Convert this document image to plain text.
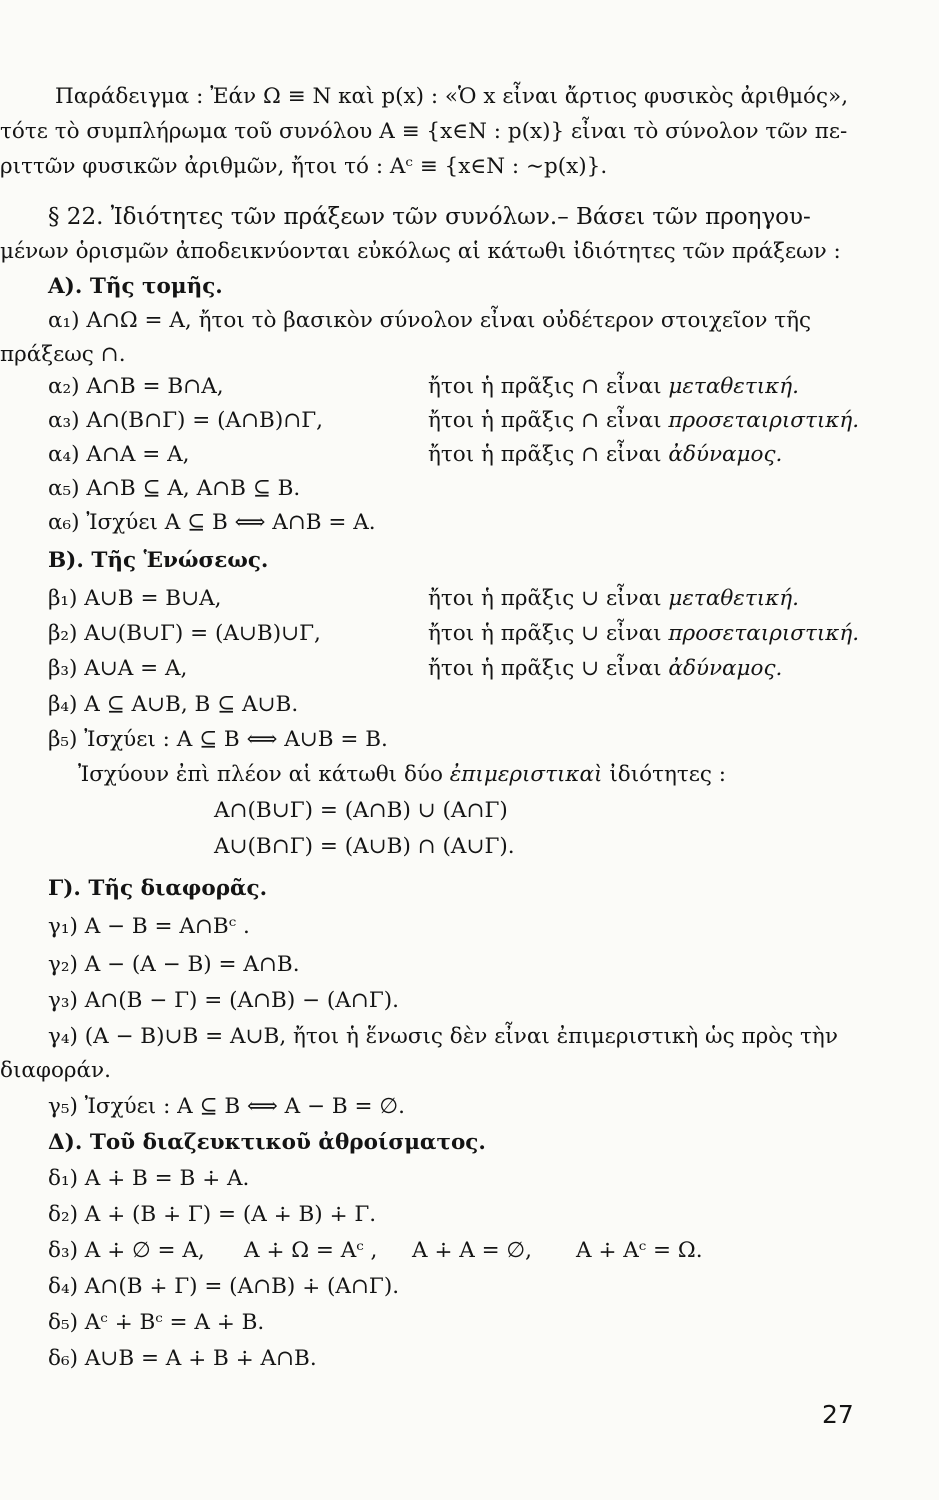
Παράδειγμα : Ἐάν Ω ≡ N καὶ p(x) : «Ὁ x εἶναι ἄρτιος φυσικὸς ἀριθμός»,
τότε τὸ συμπλήρωμα τοῦ συνόλου A ≡ {x∈N : p(x)} εἶναι τὸ σύνολον τῶν πε-
ριττῶν φυσικῶν ἀριθμῶν, ἤτοι τό : Aᶜ ≡ {x∈N : ∼p(x)}.
§ 22. Ἰδιότητες τῶν πράξεων τῶν συνόλων.– Βάσει τῶν προηγου-
μένων ὁρισμῶν ἀποδεικνύονται εὐκόλως αἱ κάτωθι ἰδιότητες τῶν πράξεων :
Α). Τῆς τομῆς.
α₁) A∩Ω = A, ἤτοι τὸ βασικὸν σύνολον εἶναι οὐδέτερον στοιχεῖον τῆς
πράξεως ∩.
α₂) A∩B = B∩A,	ἤτοι ἡ πρᾶξις ∩ εἶναι μεταθετική.
α₃) A∩(B∩Γ) = (A∩B)∩Γ,	ἤτοι ἡ πρᾶξις ∩ εἶναι προσεταιριστική.
α₄) A∩A = A,	ἤτοι ἡ πρᾶξις ∩ εἶναι ἀδύναμος.
α₅) A∩B ⊆ A, A∩B ⊆ B.
α₆) Ἰσχύει A ⊆ B ⟺ A∩B = A.
Β). Τῆς Ἑνώσεως.
β₁) A∪B = B∪A,	ἤτοι ἡ πρᾶξις ∪ εἶναι μεταθετική.
β₂) A∪(B∪Γ) = (A∪B)∪Γ,	ἤτοι ἡ πρᾶξις ∪ εἶναι προσεταιριστική.
β₃) A∪A = A,	ἤτοι ἡ πρᾶξις ∪ εἶναι ἀδύναμος.
β₄) A ⊆ A∪B, B ⊆ A∪B.
β₅) Ἰσχύει : A ⊆ B ⟺ A∪B = B.
Ἰσχύουν ἐπὶ πλέον αἱ κάτωθι δύο ἐπιμεριστικαὶ ἰδιότητες :
A∩(B∪Γ) = (A∩B) ∪ (A∩Γ)
A∪(B∩Γ) = (A∪B) ∩ (A∪Γ).
Γ). Τῆς διαφορᾶς.
γ₁) A − B = A∩Bᶜ .
γ₂) A − (A − B) = A∩B.
γ₃) A∩(B − Γ) = (A∩B) − (A∩Γ).
γ₄) (A − B)∪B = A∪B, ἤτοι ἡ ἕνωσις δὲν εἶναι ἐπιμεριστικὴ ὡς πρὸς τὴν
διαφοράν.
γ₅) Ἰσχύει : A ⊆ B ⟺ A − B = ∅.
Δ). Τοῦ διαζευκτικοῦ ἀθροίσματος.
δ₁) A ∔ B = B ∔ A.
δ₂) A ∔ (B ∔ Γ) = (A ∔ B) ∔ Γ.
δ₃) A ∔ ∅ = A, A ∔ Ω = Aᶜ , A ∔ A = ∅, A ∔ Aᶜ = Ω.
δ₄) A∩(B ∔ Γ) = (A∩B) ∔ (A∩Γ).
δ₅) Aᶜ ∔ Bᶜ = A ∔ B.
δ₆) A∪B = A ∔ B ∔ A∩B.
27
